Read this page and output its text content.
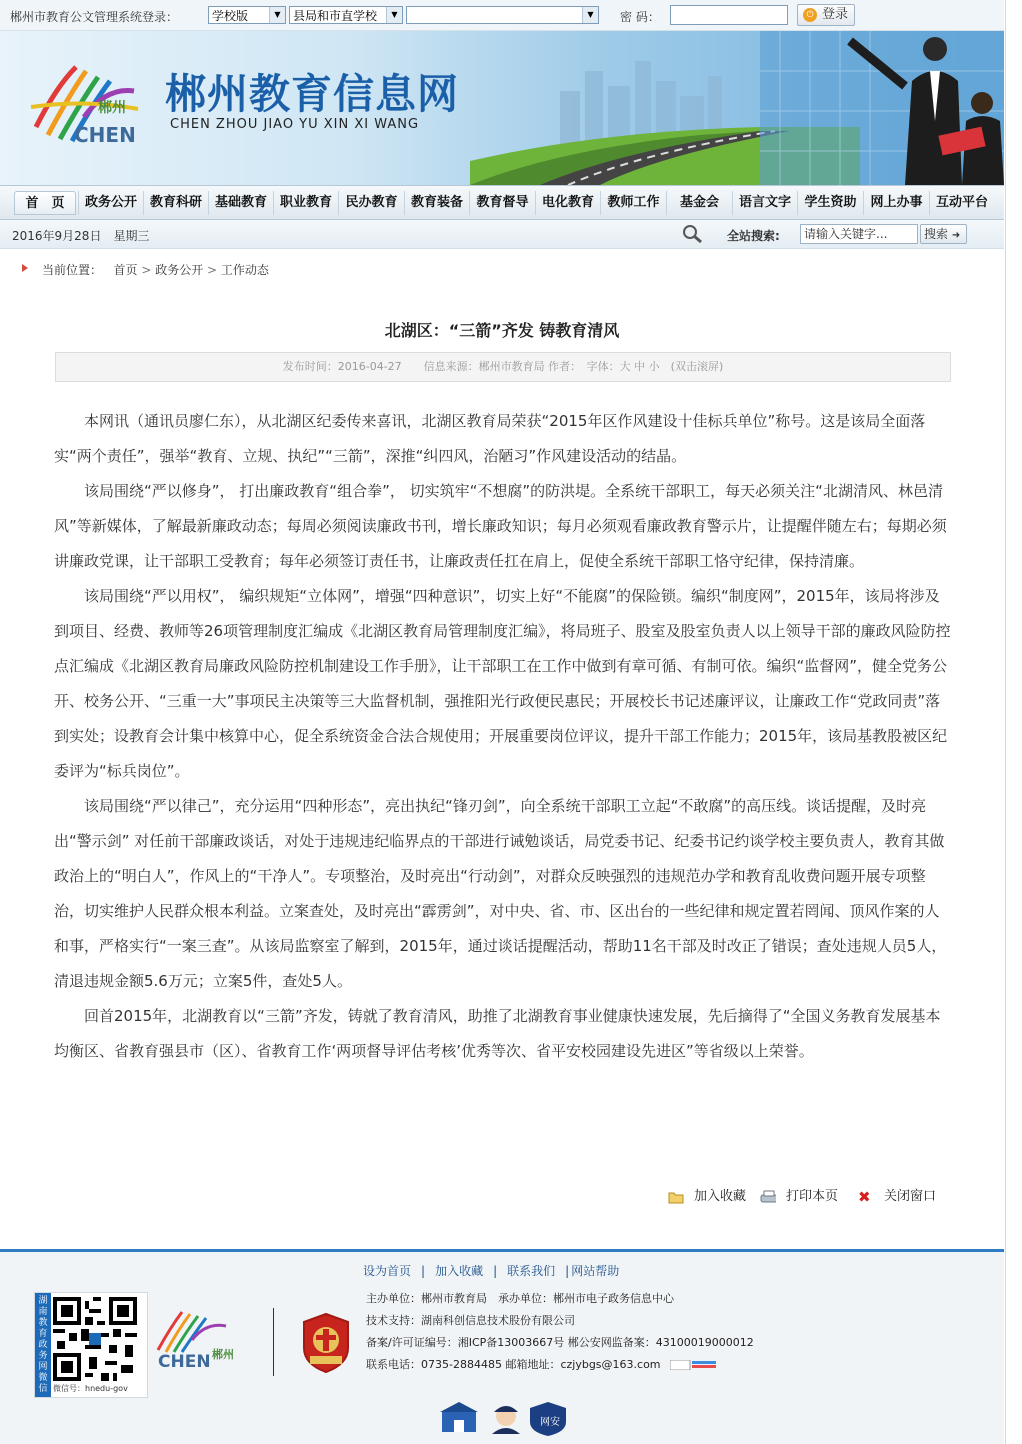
郴州市教育公文管理系统登录：	学校版	▼	县局和市直学校	▼	▼	密 码：	⏻ 登录
郴州
CHEN
郴州教育信息网
CHEN ZHOU JIAO YU XIN XI WANG
首　页	政务公开 教育科研 基础教育 职业教育	民办教育	教育装备	教育督导	电化教育	教师工作	基金会	语言文字	学生资助	网上办事	互动平台
2016年9月28日　星期三	全站搜索:	请输入关键字...	搜索 ➜
当前位置： 首页 > 政务公开 > 工作动态
北湖区：“三箭”齐发 铸教育清风
发布时间：2016-04-27　　信息来源：郴州市教育局 作者：　字体：大 中 小　(双击滚屏)

本网讯（通讯员廖仁东），从北湖区纪委传来喜讯，北湖区教育局荣获“2015年区作风建设十佳标兵单位”称号。这是该局全面落实“两个责任”，强举“教育、立规、执纪”“三箭”，深推“纠四风，治陋习”作风建设活动的结晶。

该局围绕“严以修身”， 打出廉政教育“组合拳”， 切实筑牢“不想腐”的防洪堤。全系统干部职工，每天必须关注“北湖清风、林邑清风”等新媒体，了解最新廉政动态；每周必须阅读廉政书刊，增长廉政知识；每月必须观看廉政教育警示片，让提醒伴随左右；每期必须讲廉政党课，让干部职工受教育；每年必须签订责任书，让廉政责任扛在肩上，促使全系统干部职工恪守纪律，保持清廉。

该局围绕“严以用权”， 编织规矩“立体网”，增强“四种意识”，切实上好“不能腐”的保险锁。编织“制度网”，2015年，该局将涉及到项目、经费、教师等26项管理制度汇编成《北湖区教育局管理制度汇编》，将局班子、股室及股室负责人以上领导干部的廉政风险防控点汇编成《北湖区教育局廉政风险防控机制建设工作手册》，让干部职工在工作中做到有章可循、有制可依。编织“监督网”，健全党务公开、校务公开、“三重一大”事项民主决策等三大监督机制，强推阳光行政便民惠民；开展校长书记述廉评议，让廉政工作“党政同责”落到实处；设教育会计集中核算中心，促全系统资金合法合规使用；开展重要岗位评议，提升干部工作能力；2015年，该局基教股被区纪委评为“标兵岗位”。

该局围绕“严以律己”，充分运用“四种形态”，亮出执纪“锋刃剑”，向全系统干部职工立起“不敢腐”的高压线。谈话提醒，及时亮出“警示剑” 对任前干部廉政谈话，对处于违规违纪临界点的干部进行诫勉谈话，局党委书记、纪委书记约谈学校主要负责人，教育其做政治上的“明白人”，作风上的“干净人”。专项整治，及时亮出“行动剑”，对群众反映强烈的违规范办学和教育乱收费问题开展专项整治，切实维护人民群众根本利益。立案查处，及时亮出“霹雳剑”，对中央、省、市、区出台的一些纪律和规定置若罔闻、顶风作案的人和事，严格实行“一案三查”。从该局监察室了解到，2015年，通过谈话提醒活动，帮助11名干部及时改正了错误；查处违规人员5人，清退违规金额5.6万元；立案5件，查处5人。

回首2015年，北湖教育以“三箭”齐发，铸就了教育清风，助推了北湖教育事业健康快速发展，先后摘得了“全国义务教育发展基本均衡区、省教育强县市（区）、省教育工作‘两项督导评估考核’优秀等次、省平安校园建设先进区”等省级以上荣誉。

加入收藏	打印本页 ✖ 关闭窗口
设为首页 | 加入收藏 | 联系我们 | 网站帮助
湖南教育政务网微信 微信号：hnedu-gov
郴州
CHEN
主办单位：郴州市教育局　承办单位：郴州市电子政务信息中心
技术支持：湖南科创信息技术股份有限公司
备案/许可证编号：湘ICP备13003667号 郴公安网监备案：43100019000012
联系电话：0735-2884485 邮箱地址：czjybgs@163.com
网安
